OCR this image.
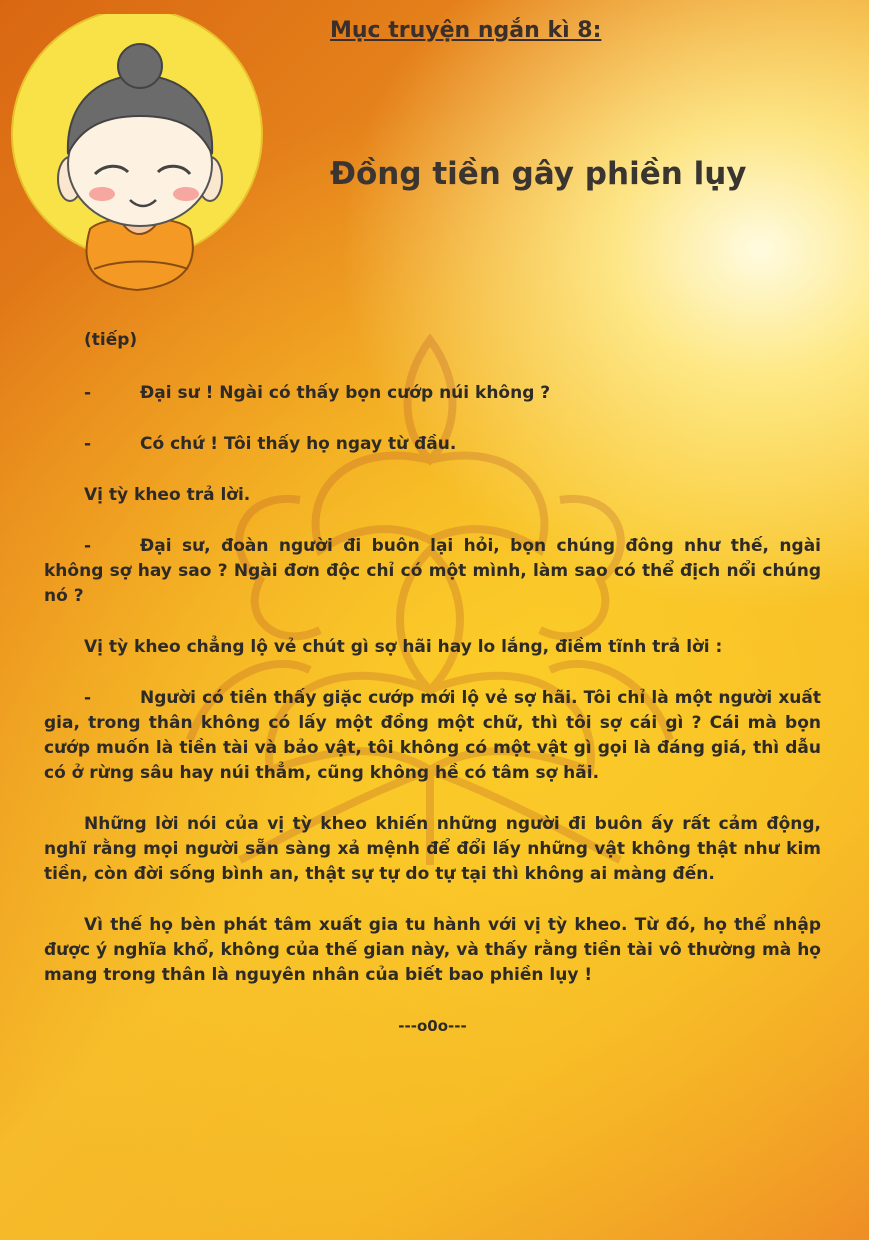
Mục truyện ngắn kì 8:
Đồng tiền gây phiền lụy

(tiếp)

-	Đại sư ! Ngài có thấy bọn cướp núi không ?

-	Có chứ ! Tôi thấy họ ngay từ đầu.

Vị tỳ kheo trả lời.

-	Đại sư, đoàn người đi buôn lại hỏi, bọn chúng đông như thế, ngài không sợ hay sao ? Ngài đơn độc chỉ có một mình, làm sao có thể địch nổi chúng nó ?

Vị tỳ kheo chẳng lộ vẻ chút gì sợ hãi hay lo lắng, điềm tĩnh trả lời :

-	Người có tiền thấy giặc cướp mới lộ vẻ sợ hãi. Tôi chỉ là một người xuất gia, trong thân không có lấy một đồng một chữ, thì tôi sợ cái gì ? Cái mà bọn cướp muốn là tiền tài và bảo vật, tôi không có một vật gì gọi là đáng giá, thì dẫu có ở rừng sâu hay núi thẳm, cũng không hề có tâm sợ hãi.

Những lời nói của vị tỳ kheo khiến những người đi buôn ấy rất cảm động, nghĩ rằng mọi người sẵn sàng xả mệnh để đổi lấy những vật không thật như kim tiền, còn đời sống bình an, thật sự tự do tự tại thì không ai màng đến.

Vì thế họ bèn phát tâm xuất gia tu hành với vị tỳ kheo. Từ đó, họ thể nhập được ý nghĩa khổ, không của thế gian này, và thấy rằng tiền tài vô thường mà họ mang trong thân là nguyên nhân của biết bao phiền lụy !

---o0o---
